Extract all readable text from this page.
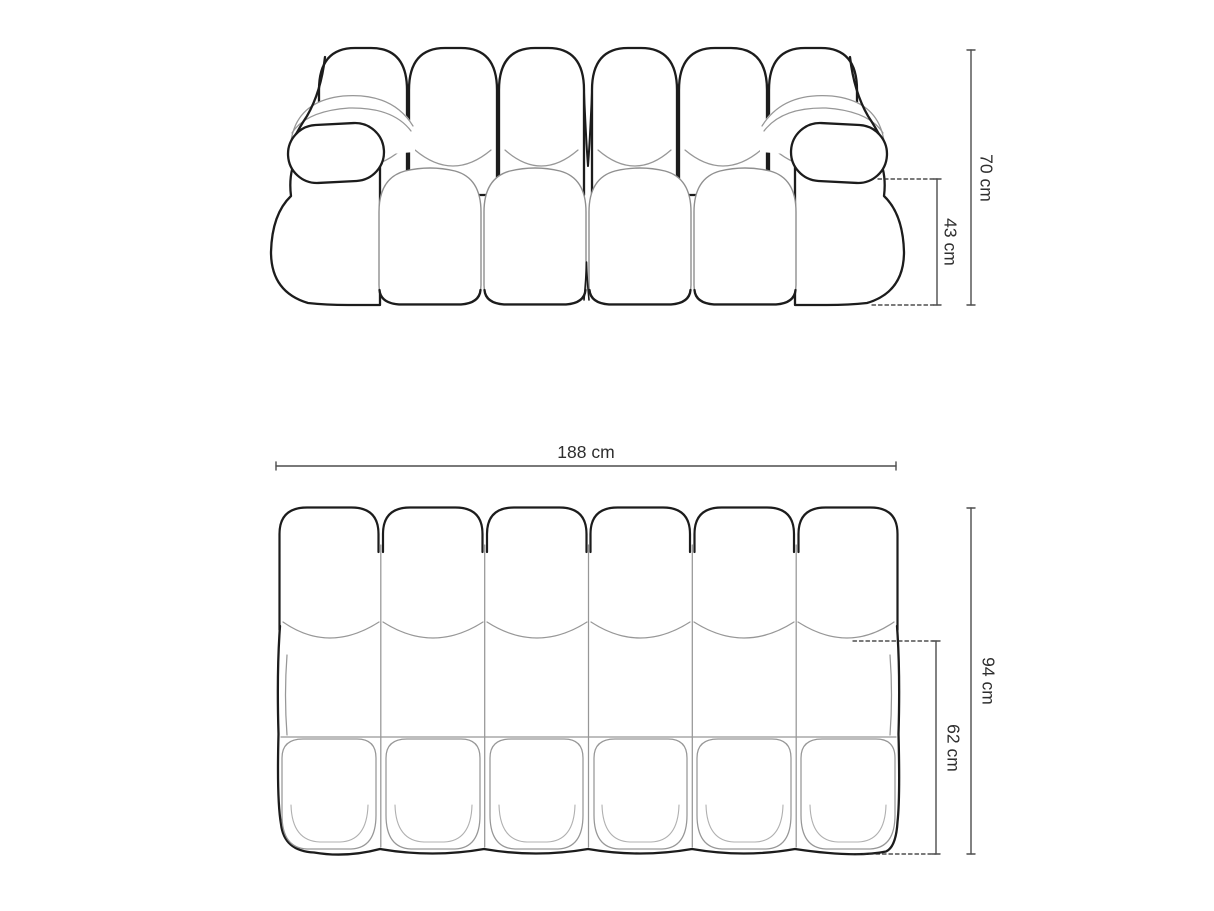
43 cm
70 cm
188 cm
62 cm
94 cm
